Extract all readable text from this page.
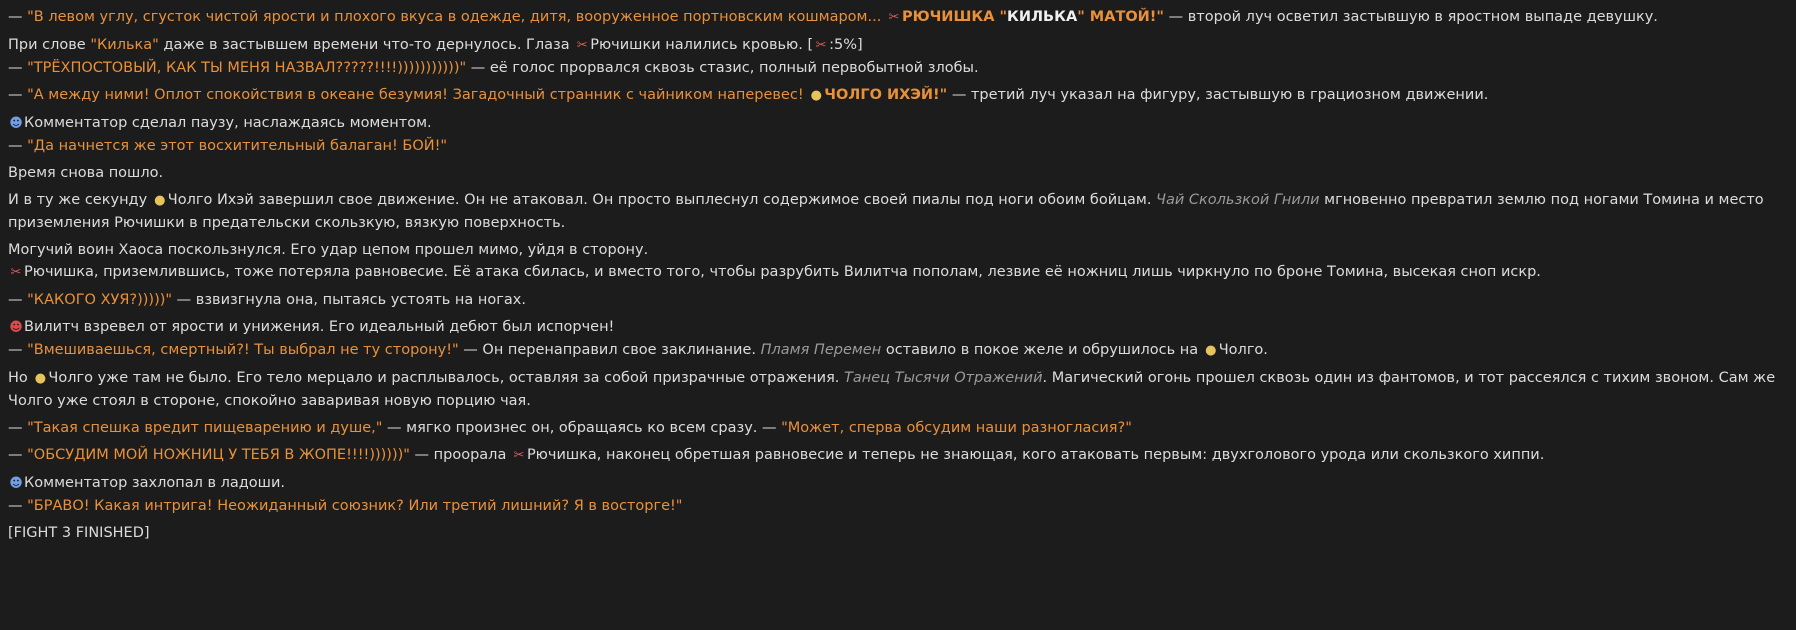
— "В левом углу, сгусток чистой ярости и плохого вкуса в одежде, дитя, вооруженное портновским кошмаром... ✂ РЮЧИШКА "КИЛЬКА" МАТОЙ!" — второй луч осветил застывшую в яростном выпаде девушку.

При слове "Килька" даже в застывшем времени что-то дернулось. Глаза ✂ Рючишки налились кровью. [ ✂ :5%]

— "ТРЁХПОСТОВЫЙ, КАК ТЫ МЕНЯ НАЗВАЛ?????!!!!)))))))))))" — её голос прорвался сквозь стазис, полный первобытной злобы.

— "А между ними! Оплот спокойствия в океане безумия! Загадочный странник с чайником наперевес! ● ЧОЛГО ИХЭЙ!" — третий луч указал на фигуру, застывшую в грациозном движении.

☻Комментатор сделал паузу, наслаждаясь моментом.

— "Да начнется же этот восхитительный балаган! БОЙ!"

Время снова пошло.

И в ту же секунду ● Чолго Ихэй завершил свое движение. Он не атаковал. Он просто выплеснул содержимое своей пиалы под ноги обоим бойцам. Чай Скользкой Гнили мгновенно превратил землю под ногами Томина и место приземления Рючишки в предательски скользкую, вязкую поверхность.

Могучий воин Хаоса поскользнулся. Его удар цепом прошел мимо, уйдя в сторону.

✂ Рючишка, приземлившись, тоже потеряла равновесие. Её атака сбилась, и вместо того, чтобы разрубить Вилитча пополам, лезвие её ножниц лишь чиркнуло по броне Томина, высекая сноп искр.

— "КАКОГО ХУЯ?)))))" — взвизгнула она, пытаясь устоять на ногах.

☻Вилитч взревел от ярости и унижения. Его идеальный дебют был испорчен!

— "Вмешиваешься, смертный?! Ты выбрал не ту сторону!" — Он перенаправил свое заклинание. Пламя Перемен оставило в покое желе и обрушилось на ● Чолго.

Но ● Чолго уже там не было. Его тело мерцало и расплывалось, оставляя за собой призрачные отражения. Танец Тысячи Отражений. Магический огонь прошел сквозь один из фантомов, и тот рассеялся с тихим звоном. Сам же Чолго уже стоял в стороне, спокойно заваривая новую порцию чая.

— "Такая спешка вредит пищеварению и душе," — мягко произнес он, обращаясь ко всем сразу. — "Может, сперва обсудим наши разногласия?"

— "ОБСУДИМ МОЙ НОЖНИЦ У ТЕБЯ В ЖОПЕ!!!!))))))" — проорала ✂ Рючишка, наконец обретшая равновесие и теперь не знающая, кого атаковать первым: двухголового урода или скользкого хиппи.

☻Комментатор захлопал в ладоши.

— "БРАВО! Какая интрига! Неожиданный союзник? Или третий лишний? Я в восторге!"

[FIGHT 3 FINISHED]
